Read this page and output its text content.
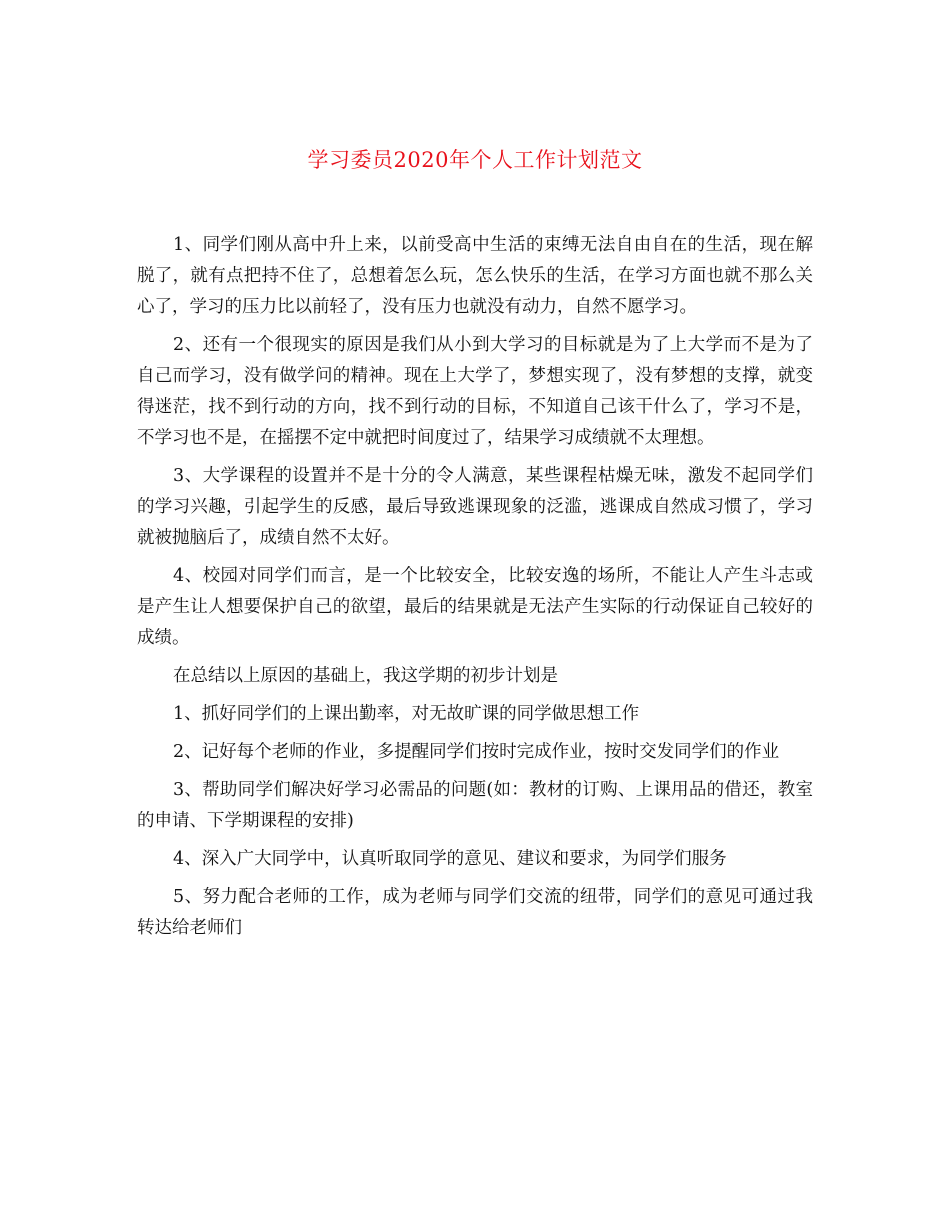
学习委员2020年个人工作计划范文

1、同学们刚从高中升上来，以前受高中生活的束缚无法自由自在的生活，现在解脱了，就有点把持不住了，总想着怎么玩，怎么快乐的生活，在学习方面也就不那么关心了，学习的压力比以前轻了，没有压力也就没有动力，自然不愿学习。

2、还有一个很现实的原因是我们从小到大学习的目标就是为了上大学而不是为了自己而学习，没有做学问的精神。现在上大学了，梦想实现了，没有梦想的支撑，就变得迷茫，找不到行动的方向，找不到行动的目标，不知道自己该干什么了，学习不是，不学习也不是，在摇摆不定中就把时间度过了，结果学习成绩就不太理想。

3、大学课程的设置并不是十分的令人满意，某些课程枯燥无味，激发不起同学们的学习兴趣，引起学生的反感，最后导致逃课现象的泛滥，逃课成自然成习惯了，学习就被抛脑后了，成绩自然不太好。

4、校园对同学们而言，是一个比较安全，比较安逸的场所，不能让人产生斗志或是产生让人想要保护自己的欲望，最后的结果就是无法产生实际的行动保证自己较好的成绩。

在总结以上原因的基础上，我这学期的初步计划是

1、抓好同学们的上课出勤率，对无故旷课的同学做思想工作

2、记好每个老师的作业，多提醒同学们按时完成作业，按时交发同学们的作业

3、帮助同学们解决好学习必需品的问题(如：教材的订购、上课用品的借还，教室的申请、下学期课程的安排)

4、深入广大同学中，认真听取同学的意见、建议和要求，为同学们服务

5、努力配合老师的工作，成为老师与同学们交流的纽带，同学们的意见可通过我转达给老师们
